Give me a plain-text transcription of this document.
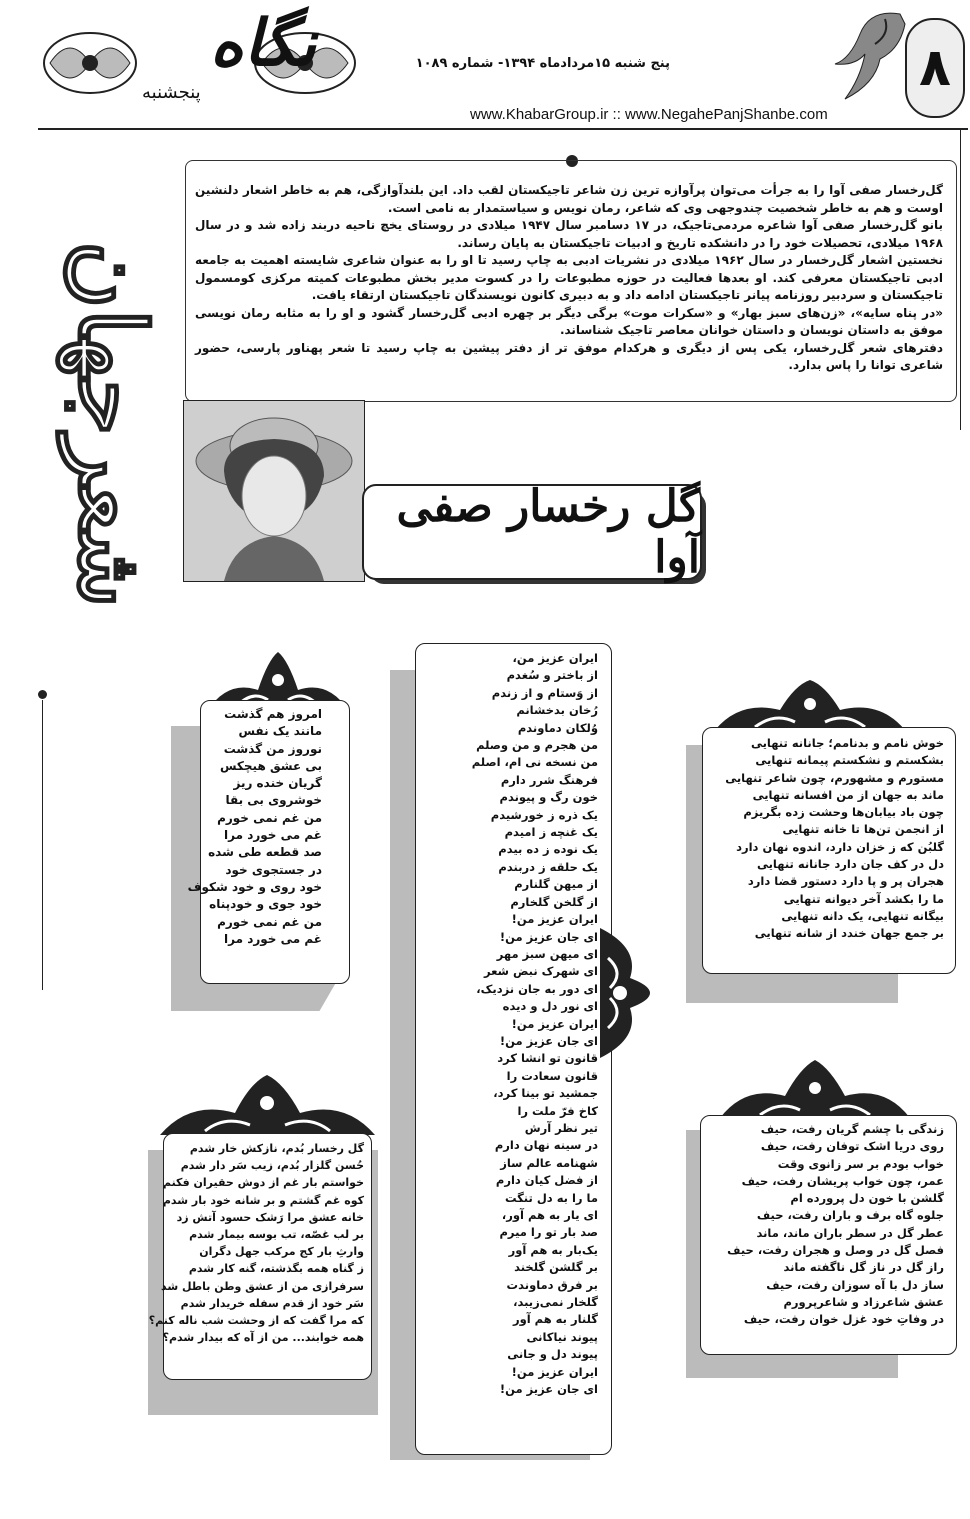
نگاه
پنجشنبه
پنج شنبه ۱۵مردادماه ۱۳۹۴- شماره ۱۰۸۹
www.KhabarGroup.ir :: www.NegahePanjShanbe.com
۸

گل‌رخسار صفی آوا را به جرأت می‌توان پرآوازه ترین زن شاعر تاجیکستان لقب داد. این بلندآوازگی، هم به خاطر اشعار دلنشین اوست و هم به خاطر شخصیت چندوجهی وی که شاعر، رمان نویس و سیاستمدار به نامی است.

بانو گل‌رخسار صفی آوا شاعره مردمی‌تاجیک، در ۱۷ دسامبر سال ۱۹۴۷ میلادی در روستای یخچ ناحیه دربند زاده شد و در سال ۱۹۶۸ میلادی، تحصیلات خود را در دانشکده تاریخ و ادبیات تاجیکستان به پایان رساند.

نخستین اشعار گل‌رخسار در سال ۱۹۶۲ میلادی در نشریات ادبی به چاپ رسید تا او را به عنوان شاعری شایسته اهمیت به جامعه ادبی تاجیکستان معرفی کند. او بعدها فعالیت در حوزه مطبوعات را در کسوت مدیر بخش مطبوعات کمیته مرکزی کومسمول تاجیکستان و سردبیر روزنامه پیانر تاجیکستان ادامه داد و به دبیری کانون نویسندگان تاجیکستان ارتقاء یافت.

«در پناه سایه»، «زن‌های سبز بهار» و «سکرات موت» برگی دیگر بر چهره ادبی گل‌رخسار گشود و او را به مثابه رمان نویسی موفق به داستان نویسان و داستان خوانان معاصر تاجیک شناساند.

دفترهای شعر گل‌رخسار، یکی پس از دیگری و هرکدام موفق تر از دفتر پیشین به چاپ رسید تا شعر پهناور پارسی، حضور شاعری توانا را پاس بدارد.

شعرجهان	گل رخسار صفی آوا
امروز هم گذشت
مانند یک نفس
نوروز من گذشت
بی عشق هیچکس
گریان خنده ریز
خوشروی بی بقا
من غم نمی خورم
غم می خورد مرا
صد قطعه طی شده
در جستجوی خود
خود روی و خود شکوف
خود جوی و خودپناه
من غم نمی خورم
غم می خورد مرا
ایران عزیز من،
از باختر و سُغدم
از وَستام و از زندم
رُخان بدخشانم
وُلکان دماوندم
من هجرم و من وصلم
من نسخه نی ام، اصلم
فرهنگ شرر دارم
خون رگ و پیوندم
یک ذره ز خورشیدم
یک غنچه ز امیدم
یک نوده ز ده بیدم
یک حلقه ز دربندم
از میهن گلنارم
از گلخن گلخارم
ایران عزیز من!
ای جان عزیز من!
ای میهن سبز مهر
ای شهرک نبض شعر
ای دور به جان نزدیک،
ای نور دل و دیده
ایران عزیز من!
ای جان عزیز من!
قانون تو انشا کرد
قانون سعادت را
جمشید تو بینا کرد،
کاخ فرّ ملت را
تیر نظر آرش
در سینه نهان دارم
شهنامه عالم ساز
از فضل کیان دارم
ما را به دل تنگت
ای یار به هم آور،
صد بار تو را میرم
یک‌بار به هم آور
بر گلشن گلخند
بر فرق دماوندت
گلخار نمی‌زیبد،
گلنار به هم آور
پیوند نیاکانی
پیوند دل و جانی
ایران عزیز من!
ای جان عزیز من!
خوش نامم و بدنامم؛ جانانه تنهایی
بشکستم و نشکستم پیمانه تنهایی
مستورم و مشهورم، چون شاعر تنهایی
ماند به جهان از من افسانه تنهایی
چون باد بیابان‌ها وحشت زده بگریزم
از انجمن تن‌ها تا خانه تنهایی
گلبُن که ز خزان دارد، اندوه نهان دارد
دل در کف جان دارد جانانه تنهایی
هجران پر و پا دارد دستور قضا دارد
ما را بکشد آخر دیوانه تنهایی
بیگانه تنهایی، یک دانه تنهایی
بر جمع جهان خندد از شانه تنهایی
گل رخسار بُدم، نازکش خار شدم
حُسن گلزار بُدم، زیب سَر دار شدم
خواستم بار غم از دوش حقیران فکنم
کوه غم گشتم و بر شانه خود بار شدم
خانه عشق مرا رَشک حسود آتش زد
بر لب غصّه، تب بوسه بیمار شدم
وارثِ بار کج مرکب جهل دگران
ز گناه همه بگذشته، گنه کار شدم
سرفرازی من از عشق وطن باطل شد
سَر خود از قدم سفله خریدار شدم
که مرا گفت که از وحشت شب ناله کنم؟
همه خوابند... من از آه که بیدار شدم؟
زندگی با چشم گریان رفت، حیف
روی دریا اشک توفان رفت، حیف
خواب بودم بر سر زانوی وقت
عمر، چون خواب پریشان رفت، حیف
گلشن با خون دل پرورده ام
جلوه گاه برف و باران رفت، حیف
عطر گل در سطر باران ماند، ماند
فصل گل در وصل و هجران رفت، حیف
راز گل در ناز گل ناگفته ماند
ساز دل با آه سوزان رفت، حیف
عشق شاعرزاد و شاعرپرورم
در وفاتِ خود غزل خوان رفت، حیف
